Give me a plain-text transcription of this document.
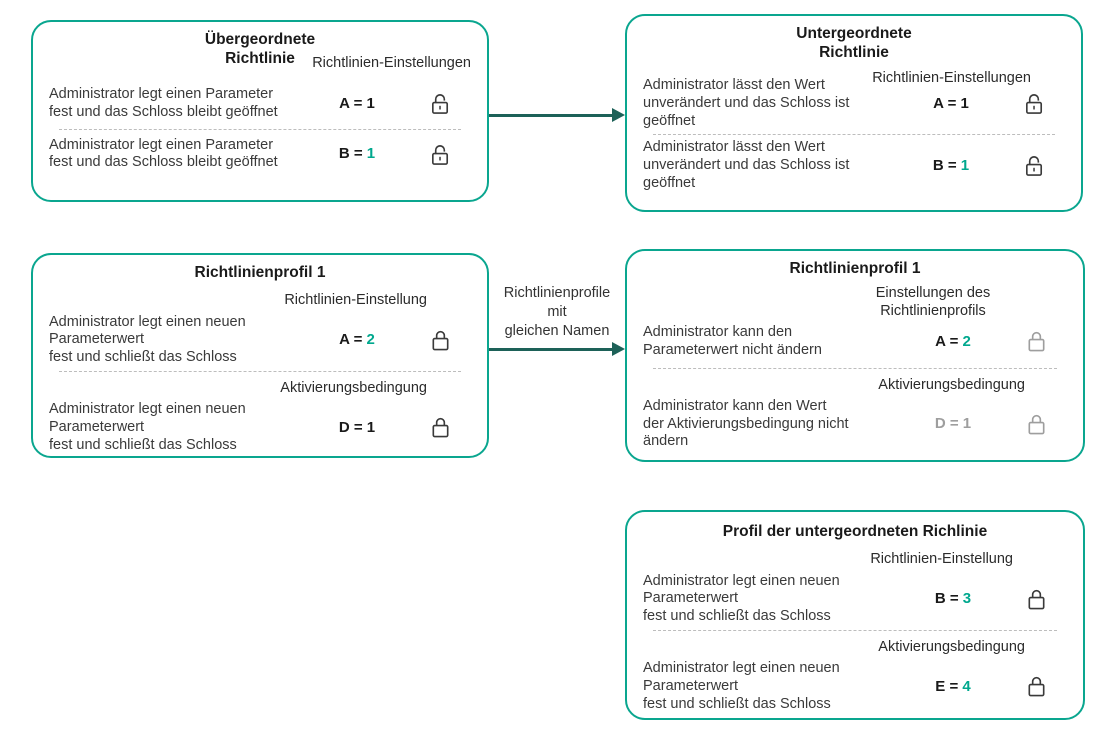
Übergeordnete
Richtlinie	Richtlinien-Einstellungen
Administrator legt einen Parameter
fest und das Schloss bleibt geöffnet
A = 1
Administrator legt einen Parameter
fest und das Schloss bleibt geöffnet
B = 1
Untergeordnete
Richtlinie
Richtlinien-Einstellungen
Administrator lässt den Wert
unverändert und das Schloss ist
geöffnet
A = 1
Administrator lässt den Wert
unverändert und das Schloss ist
geöffnet
B = 1
Richtlinienprofil 1
Richtlinien-Einstellung
Administrator legt einen neuen
Parameterwert
fest und schließt das Schloss
A = 2
Aktivierungsbedingung
Administrator legt einen neuen
Parameterwert
fest und schließt das Schloss
D = 1
Richtlinienprofil 1
Einstellungen des
Richtlinienprofils
Administrator kann den
Parameterwert nicht ändern
A = 2
Aktivierungsbedingung
Administrator kann den Wert
der Aktivierungsbedingung nicht
ändern
D = 1
Profil der untergeordneten Richlinie
Richtlinien-Einstellung
Administrator legt einen neuen
Parameterwert
fest und schließt das Schloss
B = 3
Aktivierungsbedingung
Administrator legt einen neuen
Parameterwert
fest und schließt das Schloss
E = 4
Richtlinienprofile
mit
gleichen Namen
